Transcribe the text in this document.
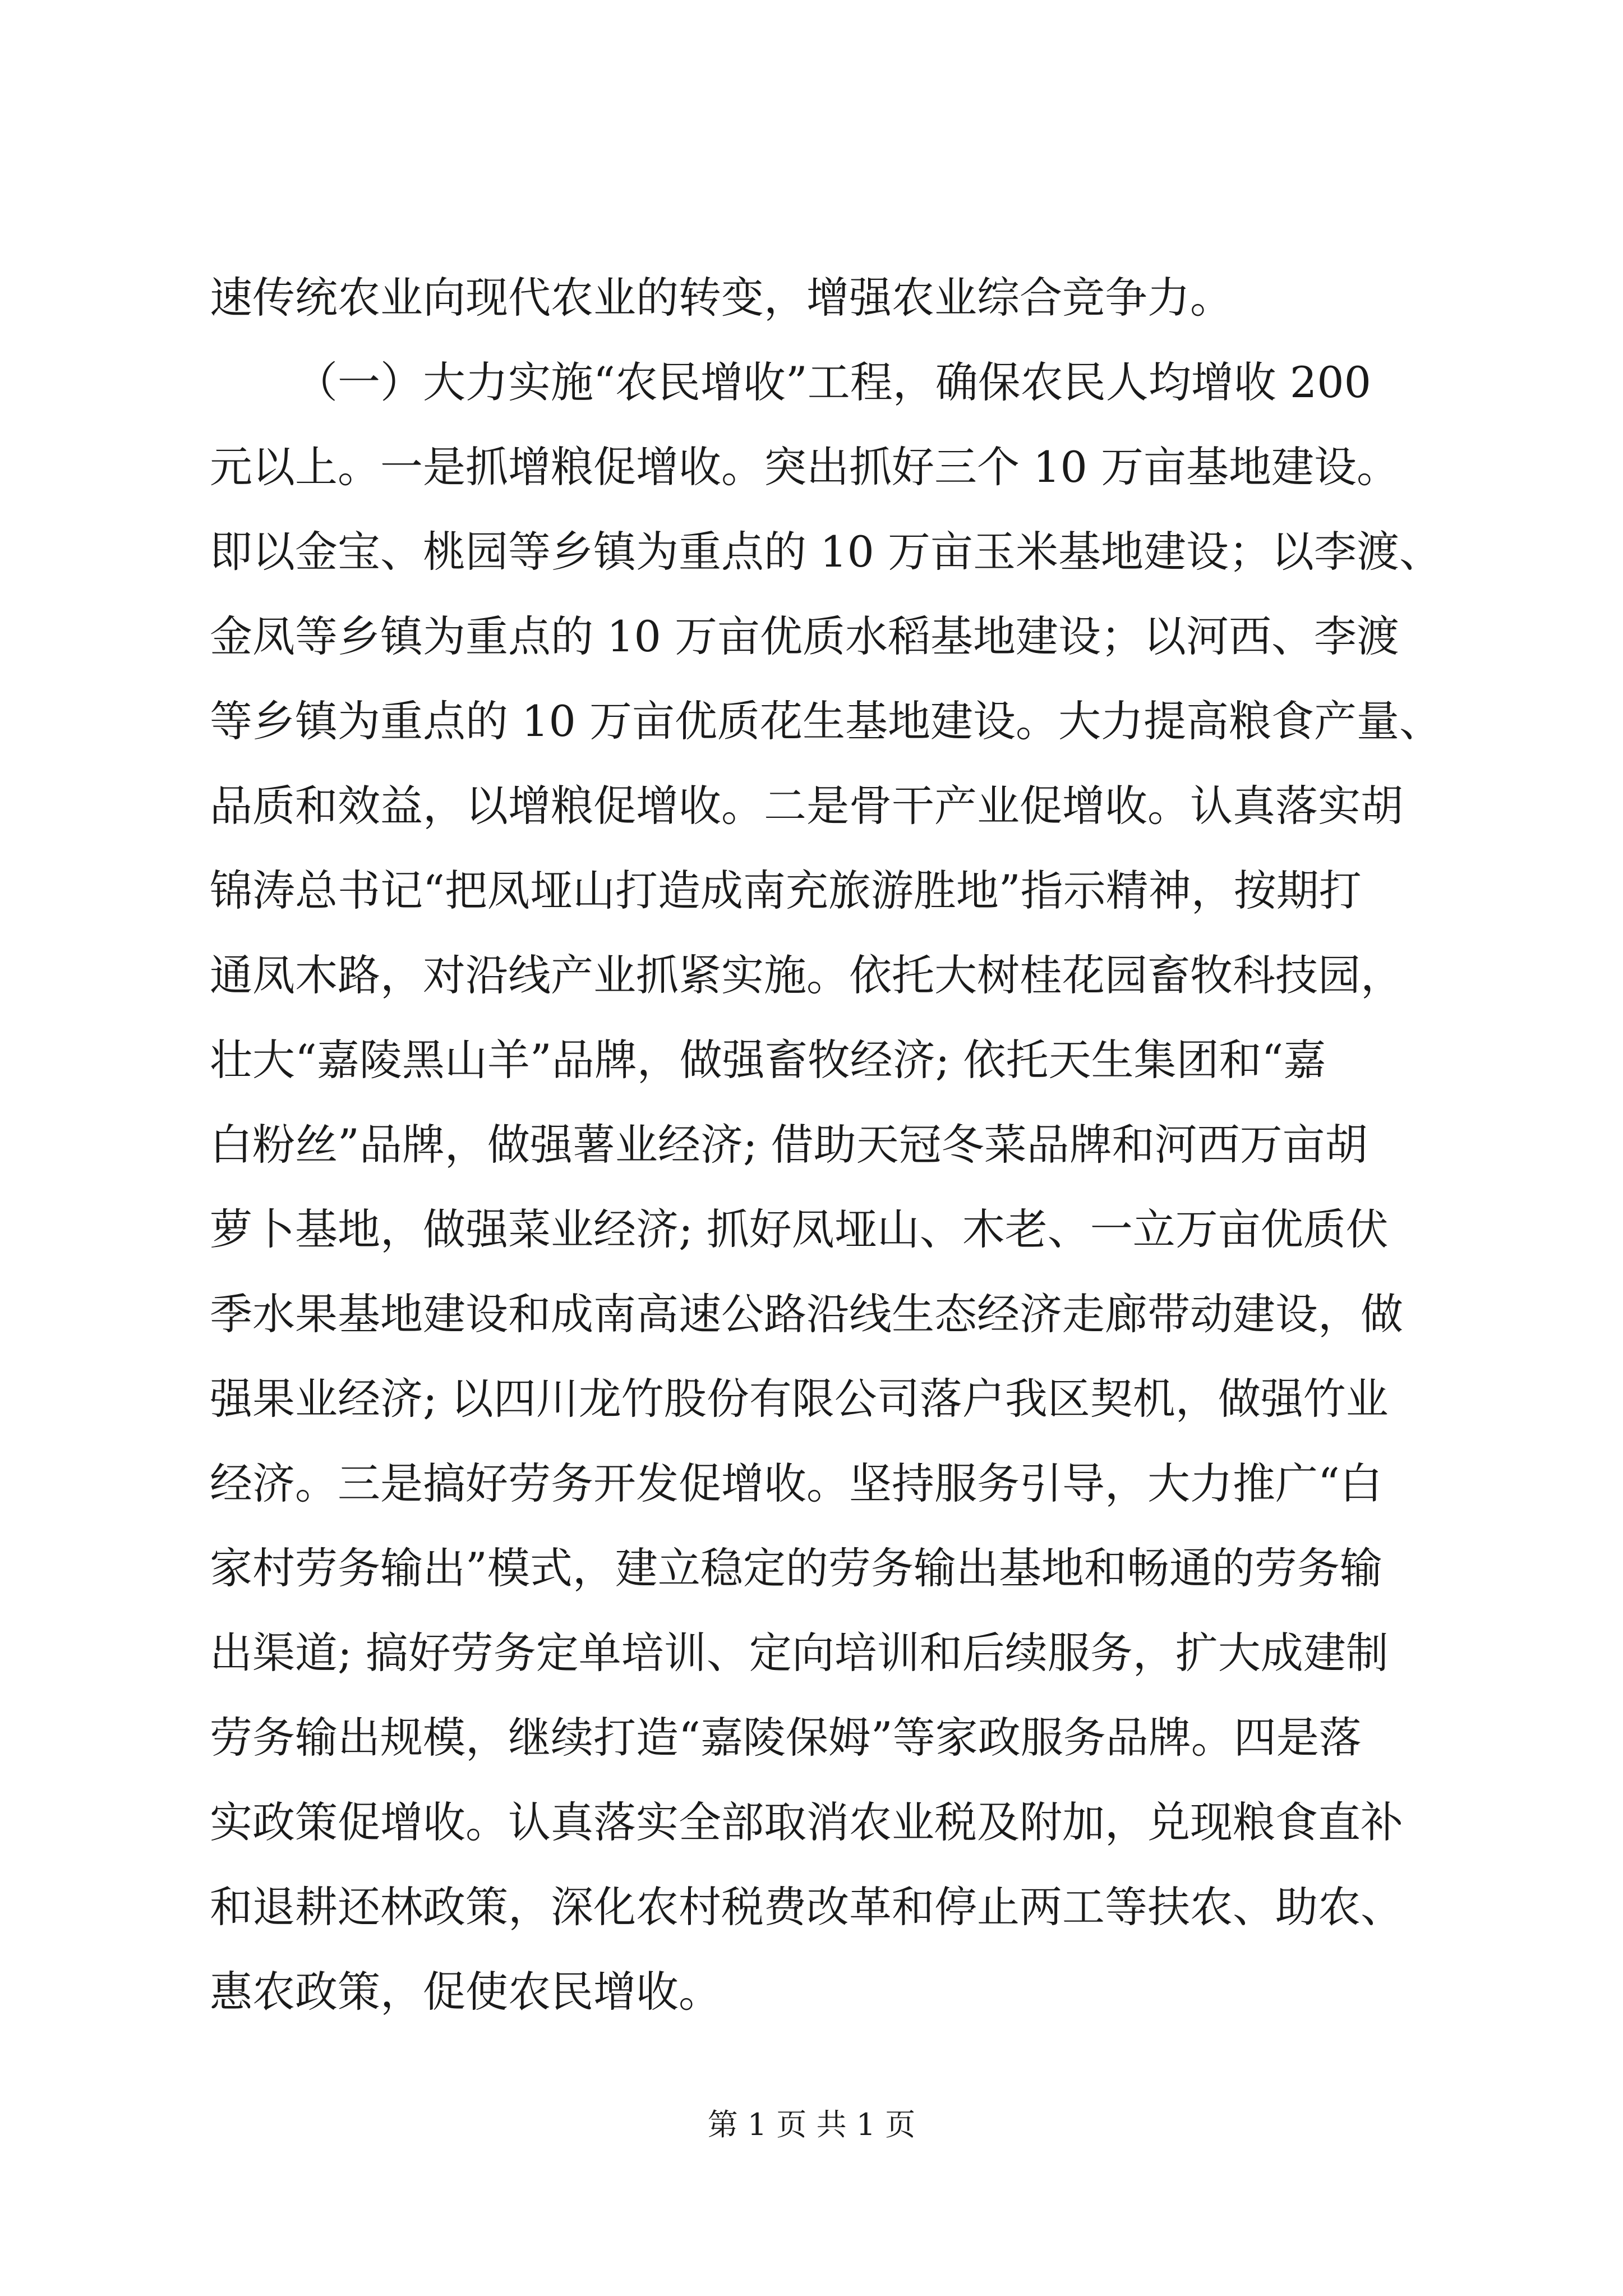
速传统农业向现代农业的转变，增强农业综合竞争力。
（一）大力实施“农民增收”工程，确保农民人均增收 200
元以上。一是抓增粮促增收。突出抓好三个 10 万亩基地建设。
即以金宝、桃园等乡镇为重点的 10 万亩玉米基地建设；以李渡、
金凤等乡镇为重点的 10 万亩优质水稻基地建设；以河西、李渡
等乡镇为重点的 10 万亩优质花生基地建设。大力提高粮食产量、
品质和效益，以增粮促增收。二是骨干产业促增收。认真落实胡
锦涛总书记“把凤垭山打造成南充旅游胜地”指示精神，按期打
通凤木路，对沿线产业抓紧实施。依托大树桂花园畜牧科技园，
壮大“嘉陵黑山羊”品牌，做强畜牧经济; 依托天生集团和“嘉
白粉丝”品牌，做强薯业经济; 借助天冠冬菜品牌和河西万亩胡
萝卜基地，做强菜业经济; 抓好凤垭山、木老、一立万亩优质伏
季水果基地建设和成南高速公路沿线生态经济走廊带动建设，做
强果业经济; 以四川龙竹股份有限公司落户我区契机，做强竹业
经济。三是搞好劳务开发促增收。坚持服务引导，大力推广“白
家村劳务输出”模式，建立稳定的劳务输出基地和畅通的劳务输
出渠道; 搞好劳务定单培训、定向培训和后续服务，扩大成建制
劳务输出规模，继续打造“嘉陵保姆”等家政服务品牌。四是落
实政策促增收。认真落实全部取消农业税及附加，兑现粮食直补
和退耕还林政策，深化农村税费改革和停止两工等扶农、助农、
惠农政策，促使农民增收。
第 1 页 共 1 页
